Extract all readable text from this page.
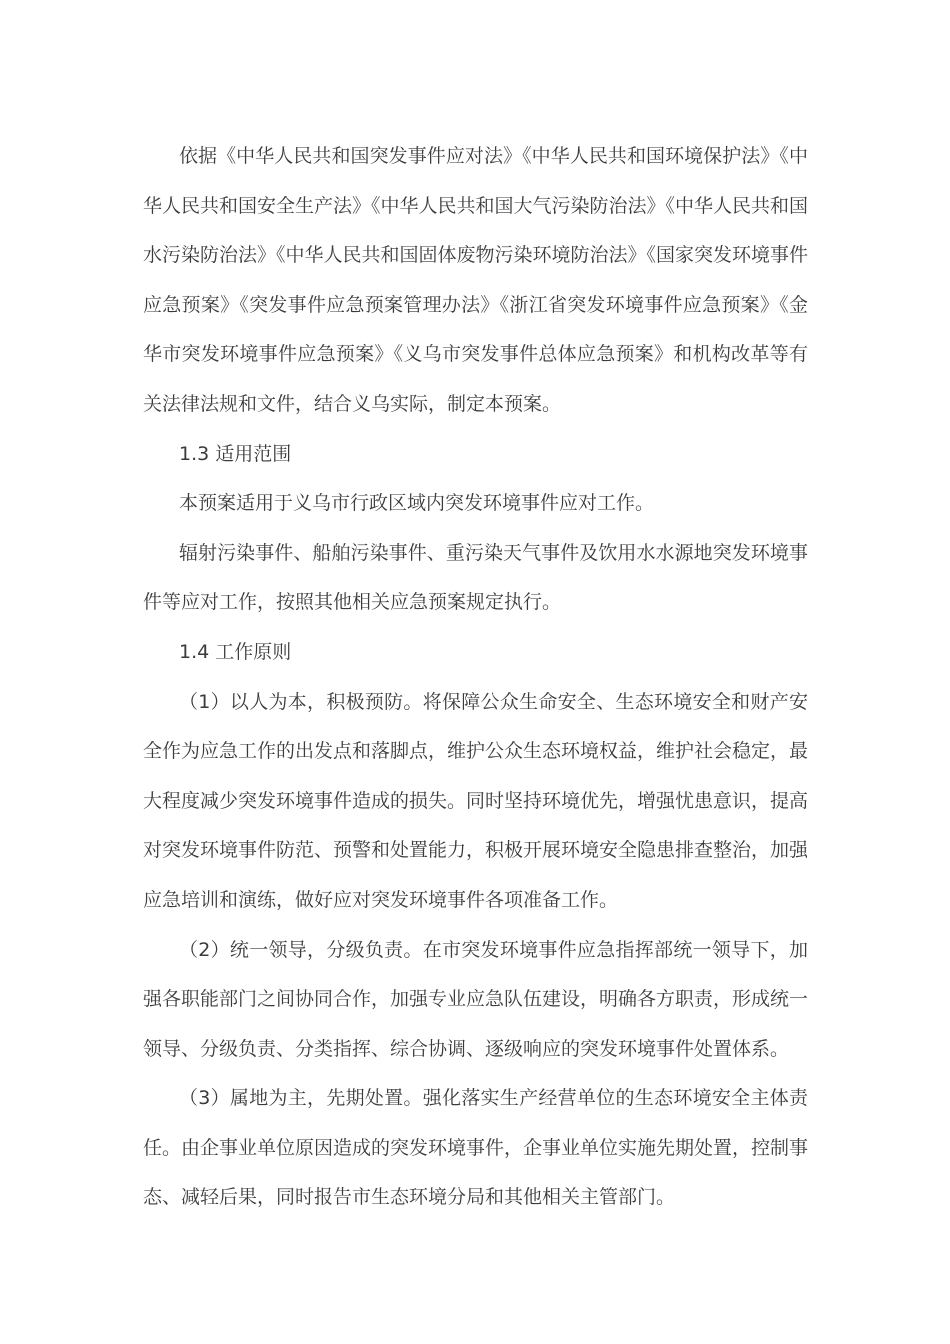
依据《中华人民共和国突发事件应对法》《中华人民共和国环境保护法》《中华人民共和国安全生产法》《中华人民共和国大气污染防治法》《中华人民共和国水污染防治法》《中华人民共和国固体废物污染环境防治法》《国家突发环境事件应急预案》《突发事件应急预案管理办法》《浙江省突发环境事件应急预案》《金华市突发环境事件应急预案》《义乌市突发事件总体应急预案》和机构改革等有关法律法规和文件，结合义乌实际，制定本预案。

1.3 适用范围

本预案适用于义乌市行政区域内突发环境事件应对工作。

辐射污染事件、船舶污染事件、重污染天气事件及饮用水水源地突发环境事件等应对工作，按照其他相关应急预案规定执行。

1.4 工作原则

（1）以人为本，积极预防。将保障公众生命安全、生态环境安全和财产安全作为应急工作的出发点和落脚点，维护公众生态环境权益，维护社会稳定，最大程度减少突发环境事件造成的损失。同时坚持环境优先，增强忧患意识，提高对突发环境事件防范、预警和处置能力，积极开展环境安全隐患排查整治，加强应急培训和演练，做好应对突发环境事件各项准备工作。

（2）统一领导，分级负责。在市突发环境事件应急指挥部统一领导下，加强各职能部门之间协同合作，加强专业应急队伍建设，明确各方职责，形成统一领导、分级负责、分类指挥、综合协调、逐级响应的突发环境事件处置体系。

（3）属地为主，先期处置。强化落实生产经营单位的生态环境安全主体责任。由企事业单位原因造成的突发环境事件，企事业单位实施先期处置，控制事态、减轻后果，同时报告市生态环境分局和其他相关主管部门。
